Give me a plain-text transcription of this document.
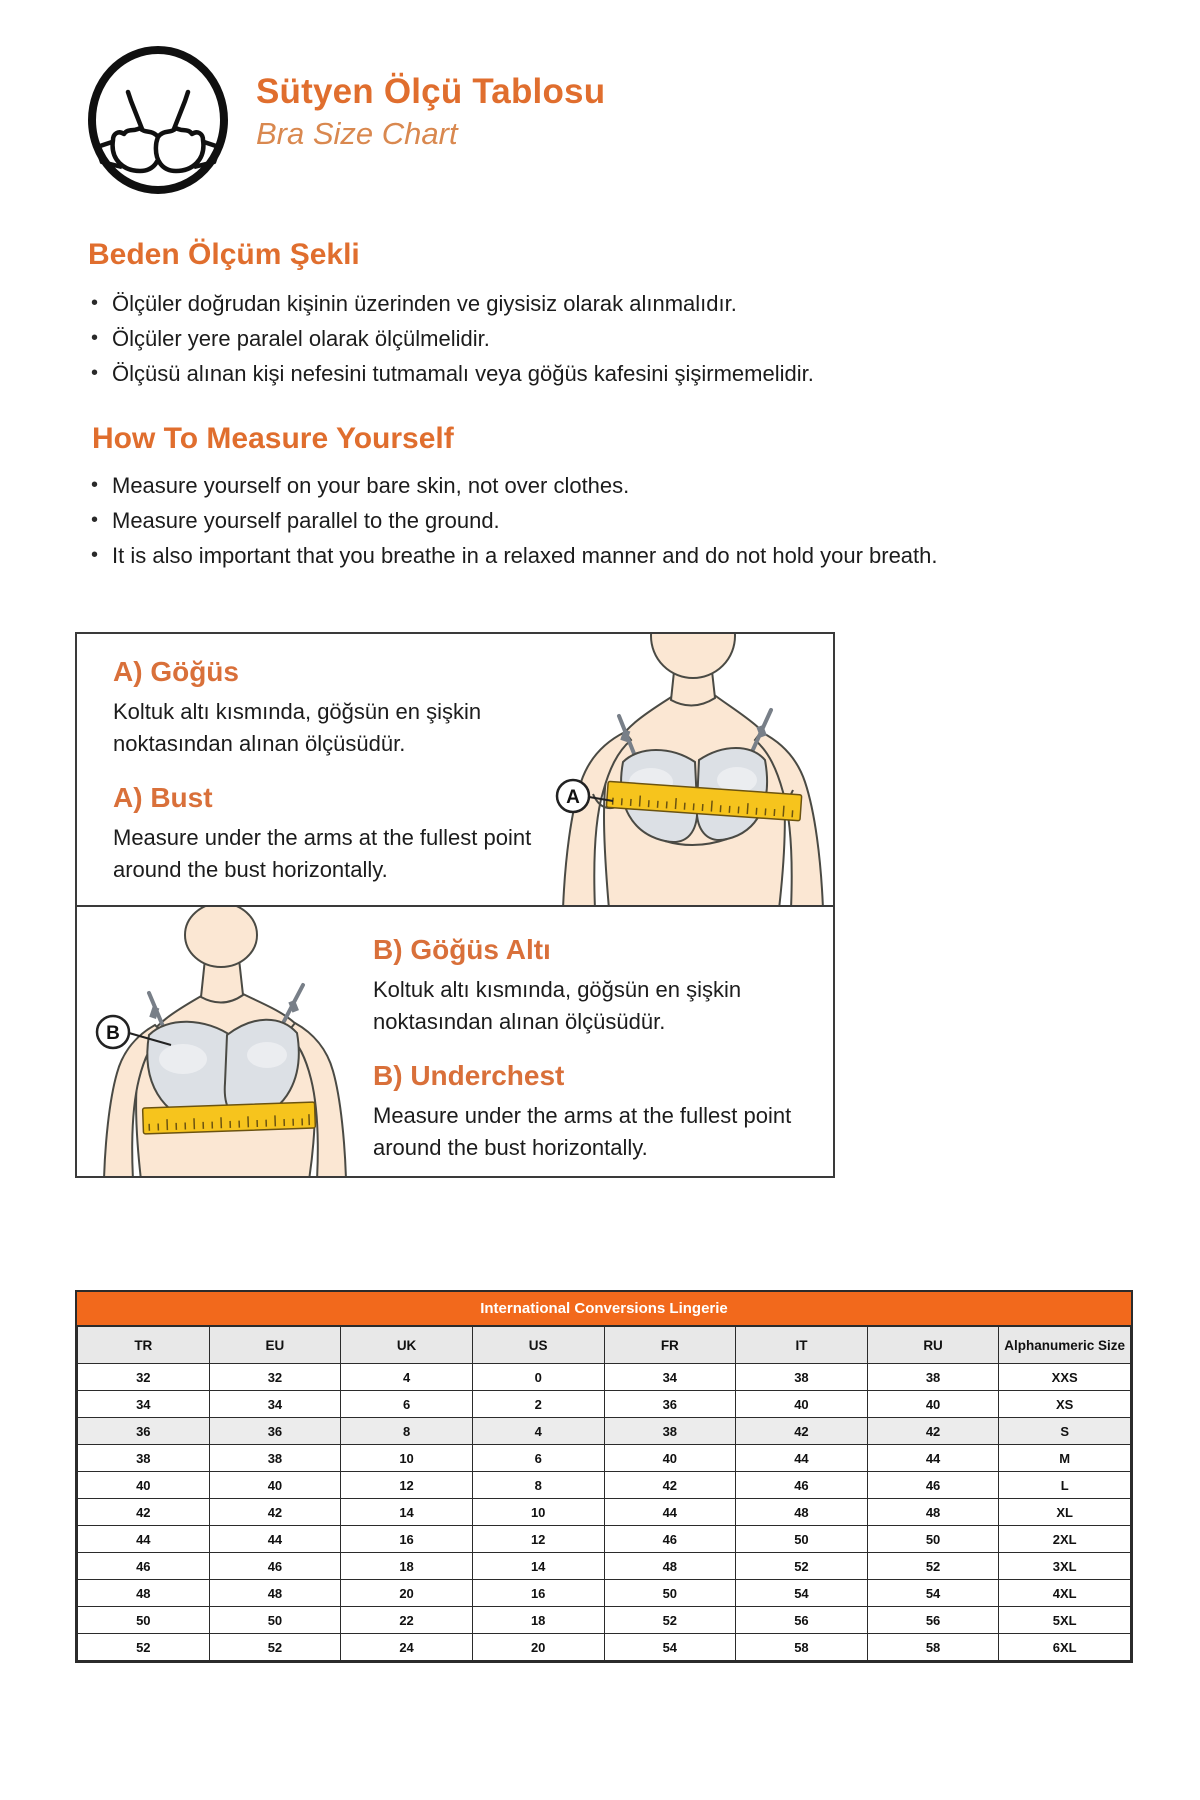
Sütyen Ölçü Tablosu
Bra Size Chart
Beden Ölçüm Şekli
• Ölçüler doğrudan kişinin üzerinden ve giysisiz olarak alınmalıdır.
• Ölçüler yere paralel olarak ölçülmelidir.
• Ölçüsü alınan kişi nefesini tutmamalı veya göğüs kafesini şişirmemelidir.
How To Measure Yourself
• Measure yourself on your bare skin, not over clothes.
• Measure yourself parallel to the ground.
• It is also important that you breathe in a relaxed manner and do not hold your breath.
A) Göğüs

Koltuk altı kısmında, göğsün en şişkin noktasından alınan ölçüsüdür.

A) Bust

Measure under the arms at the fullest point around the bust horizontally.

A
B
B) Göğüs Altı

Koltuk altı kısmında, göğsün en şişkin noktasından alınan ölçüsüdür.

B) Underchest

Measure under the arms at the fullest point around the bust horizontally.

International Conversions Lingerie
TR	EU	UK	US	FR	IT	RU	Alphanumeric Size
32	32	4	0	34	38	38	XXS
34	34	6	2	36	40	40	XS
36	36	8	4	38	42	42	S
38	38	10	6	40	44	44	M
40	40	12	8	42	46	46	L
42	42	14	10	44	48	48	XL
44	44	16	12	46	50	50	2XL
46	46	18	14	48	52	52	3XL
48	48	20	16	50	54	54	4XL
50	50	22	18	52	56	56	5XL
52	52	24	20	54	58	58	6XL
